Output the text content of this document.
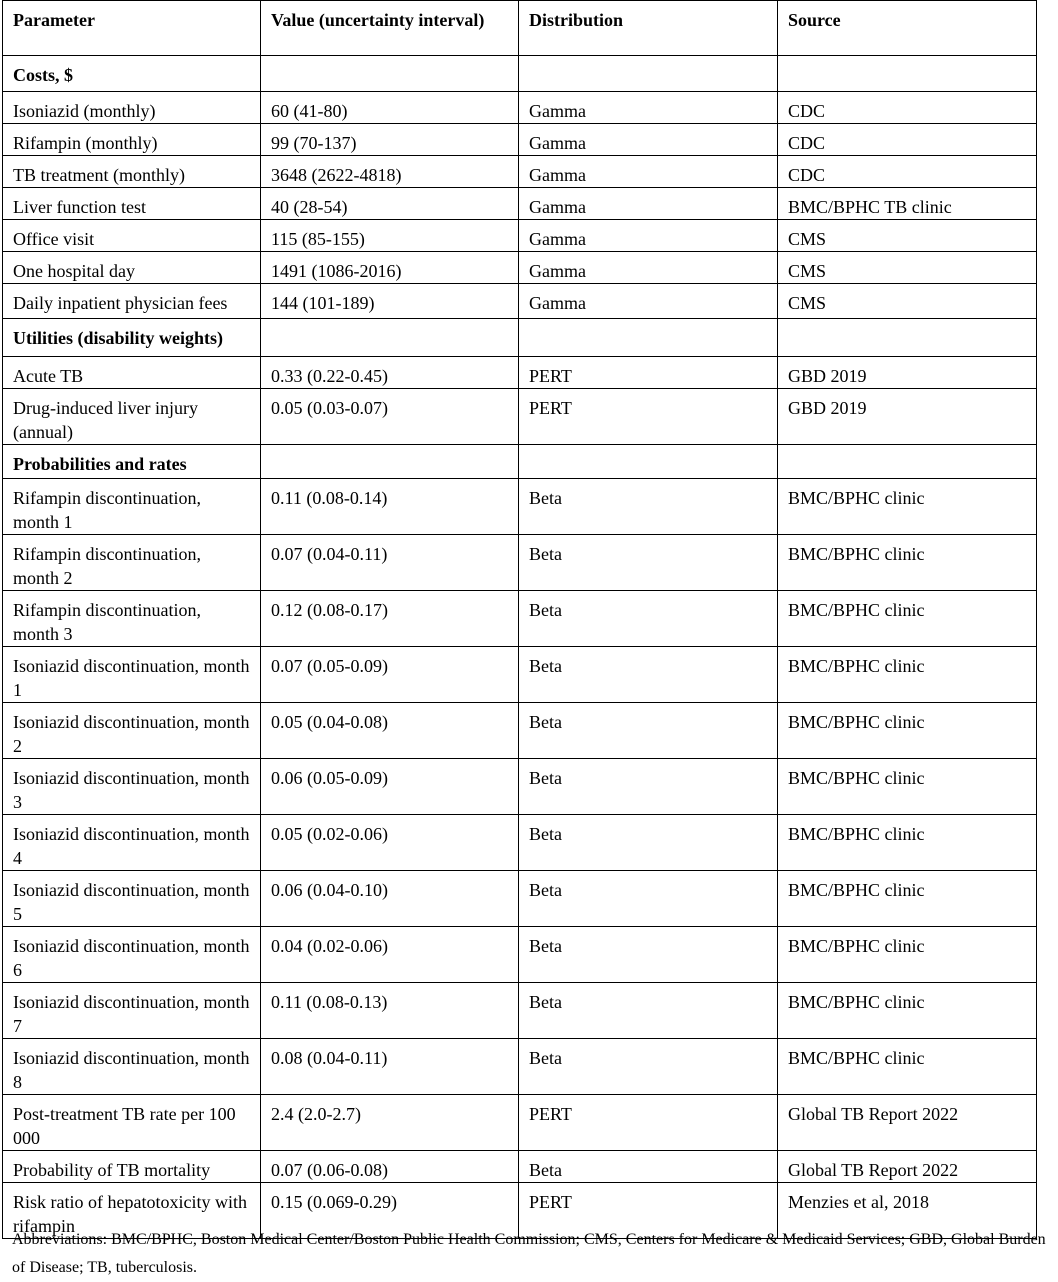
Parameter	Value (uncertainty interval)	Distribution	Source
Costs, $			
Isoniazid (monthly)	60 (41-80)	Gamma	CDC
Rifampin (monthly)	99 (70-137)	Gamma	CDC
TB treatment (monthly)	3648 (2622-4818)	Gamma	CDC
Liver function test	40 (28-54)	Gamma	BMC/BPHC TB clinic
Office visit	115 (85-155)	Gamma	CMS
One hospital day	1491 (1086-2016)	Gamma	CMS
Daily inpatient physician fees	144 (101-189)	Gamma	CMS
Utilities (disability weights)			
Acute TB	0.33 (0.22-0.45)	PERT	GBD 2019
Drug-induced liver injury (annual)	0.05 (0.03-0.07)	PERT	GBD 2019
Probabilities and rates			
Rifampin discontinuation, month 1	0.11 (0.08-0.14)	Beta	BMC/BPHC clinic
Rifampin discontinuation, month 2	0.07 (0.04-0.11)	Beta	BMC/BPHC clinic
Rifampin discontinuation, month 3	0.12 (0.08-0.17)	Beta	BMC/BPHC clinic
Isoniazid discontinuation, month 1	0.07 (0.05-0.09)	Beta	BMC/BPHC clinic
Isoniazid discontinuation, month 2	0.05 (0.04-0.08)	Beta	BMC/BPHC clinic
Isoniazid discontinuation, month 3	0.06 (0.05-0.09)	Beta	BMC/BPHC clinic
Isoniazid discontinuation, month 4	0.05 (0.02-0.06)	Beta	BMC/BPHC clinic
Isoniazid discontinuation, month 5	0.06 (0.04-0.10)	Beta	BMC/BPHC clinic
Isoniazid discontinuation, month 6	0.04 (0.02-0.06)	Beta	BMC/BPHC clinic
Isoniazid discontinuation, month 7	0.11 (0.08-0.13)	Beta	BMC/BPHC clinic
Isoniazid discontinuation, month 8	0.08 (0.04-0.11)	Beta	BMC/BPHC clinic
Post-treatment TB rate per 100 000	2.4 (2.0-2.7)	PERT	Global TB Report 2022
Probability of TB mortality	0.07 (0.06-0.08)	Beta	Global TB Report 2022
Risk ratio of hepatotoxicity with rifampin	0.15 (0.069-0.29)	PERT	Menzies et al, 2018
Abbreviations: BMC/BPHC, Boston Medical Center/Boston Public Health Commission; CMS, Centers for Medicare & Medicaid Services; GBD, Global Burden of Disease; TB, tuberculosis.
